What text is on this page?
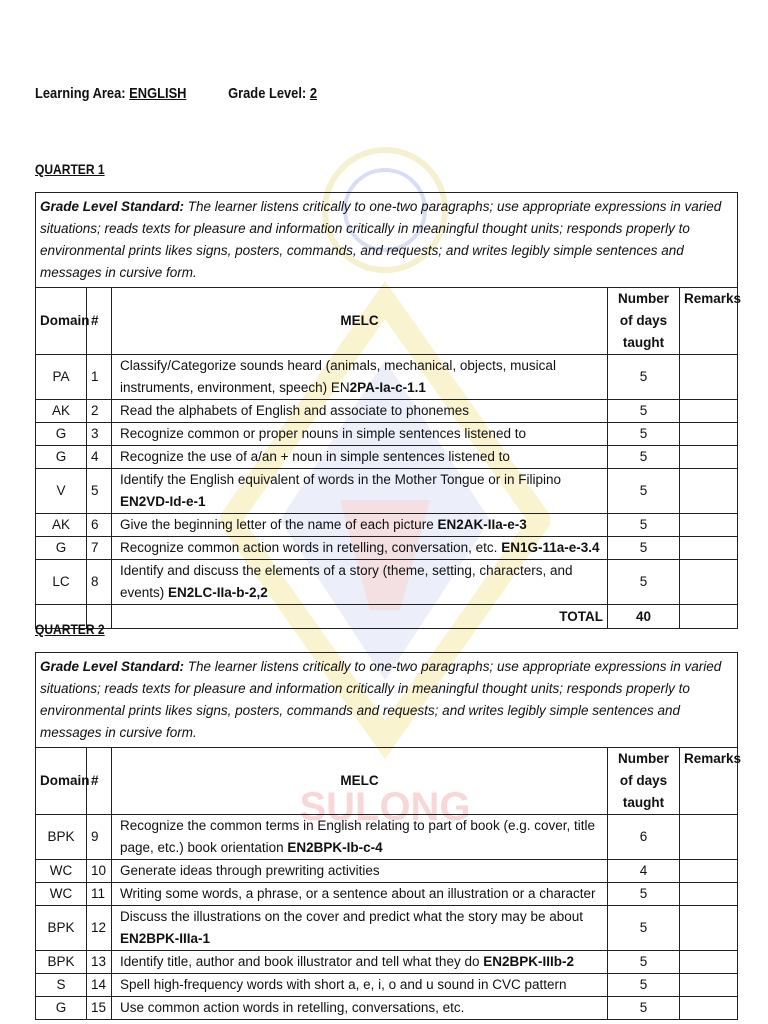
SULONG
Learning Area: ENGLISH	Grade Level: 2
QUARTER 1
Grade Level Standard: The learner listens critically to one-two paragraphs; use appropriate expressions in varied situations; reads texts for pleasure and information critically in meaningful thought units; responds properly to environmental prints likes signs, posters, commands, and requests; and writes legibly simple sentences and messages in cursive form.				
Domain	#	MELC	Number of days taught	Remarks
PA	1	Classify/Categorize sounds heard (animals, mechanical, objects, musical instruments, environment, speech) EN2PA-Ia-c-1.1	5	
AK	2	Read the alphabets of English and associate to phonemes	5	
G	3	Recognize common or proper nouns in simple sentences listened to	5	
G	4	Recognize the use of a/an + noun in simple sentences listened to	5	
V	5	Identify the English equivalent of words in the Mother Tongue or in Filipino EN2VD-Id-e-1	5	
AK	6	Give the beginning letter of the name of each picture EN2AK-IIa-e-3	5	
G	7	Recognize common action words in retelling, conversation, etc. EN1G-11a-e-3.4	5	
LC	8	Identify and discuss the elements of a story (theme, setting, characters, and events) EN2LC-IIa-b-2,2	5	
		TOTAL	40	
QUARTER 2
Grade Level Standard: The learner listens critically to one-two paragraphs; use appropriate expressions in varied situations; reads texts for pleasure and information critically in meaningful thought units; responds properly to environmental prints likes signs, posters, commands and requests; and writes legibly simple sentences and messages in cursive form.				
Domain	#	MELC	Number of days taught	Remarks
BPK	9	Recognize the common terms in English relating to part of book (e.g. cover, title page, etc.) book orientation EN2BPK-Ib-c-4	6	
WC	10	Generate ideas through prewriting activities	4	
WC	11	Writing some words, a phrase, or a sentence about an illustration or a character	5	
BPK	12	Discuss the illustrations on the cover and predict what the story may be about EN2BPK-IIIa-1	5	
BPK	13	Identify title, author and book illustrator and tell what they do EN2BPK-IIIb-2	5	
S	14	Spell high-frequency words with short a, e, i, o and u sound in CVC pattern	5	
G	15	Use common action words in retelling, conversations, etc.	5	
